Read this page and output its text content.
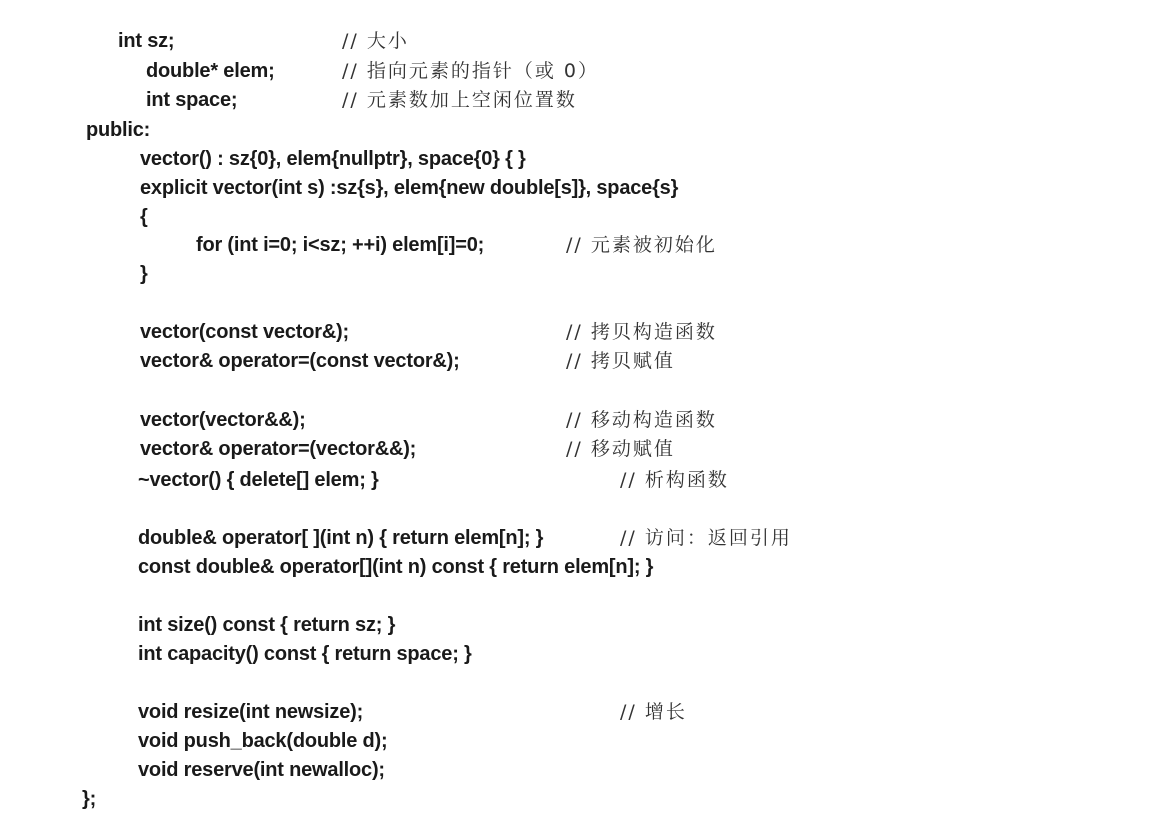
int sz;	// 大小
double* elem;	// 指向元素的指针（或 0）
int space;	// 元素数加上空闲位置数
public:
vector() : sz{0}, elem{nullptr}, space{0} { }
explicit vector(int s) :sz{s}, elem{new double[s]}, space{s}
{
for (int i=0; i<sz; ++i) elem[i]=0;	// 元素被初始化
}
vector(const vector&);	// 拷贝构造函数
vector& operator=(const vector&);	// 拷贝赋值
vector(vector&&);	// 移动构造函数
vector& operator=(vector&&);	// 移动赋值
~vector() { delete[] elem; }	// 析构函数
double& operator[ ](int n) { return elem[n]; }	// 访问：返回引用
const double& operator[](int n) const { return elem[n]; }
int size() const { return sz; }
int capacity() const { return space; }
void resize(int newsize);	// 增长
void push_back(double d);
void reserve(int newalloc);
};
